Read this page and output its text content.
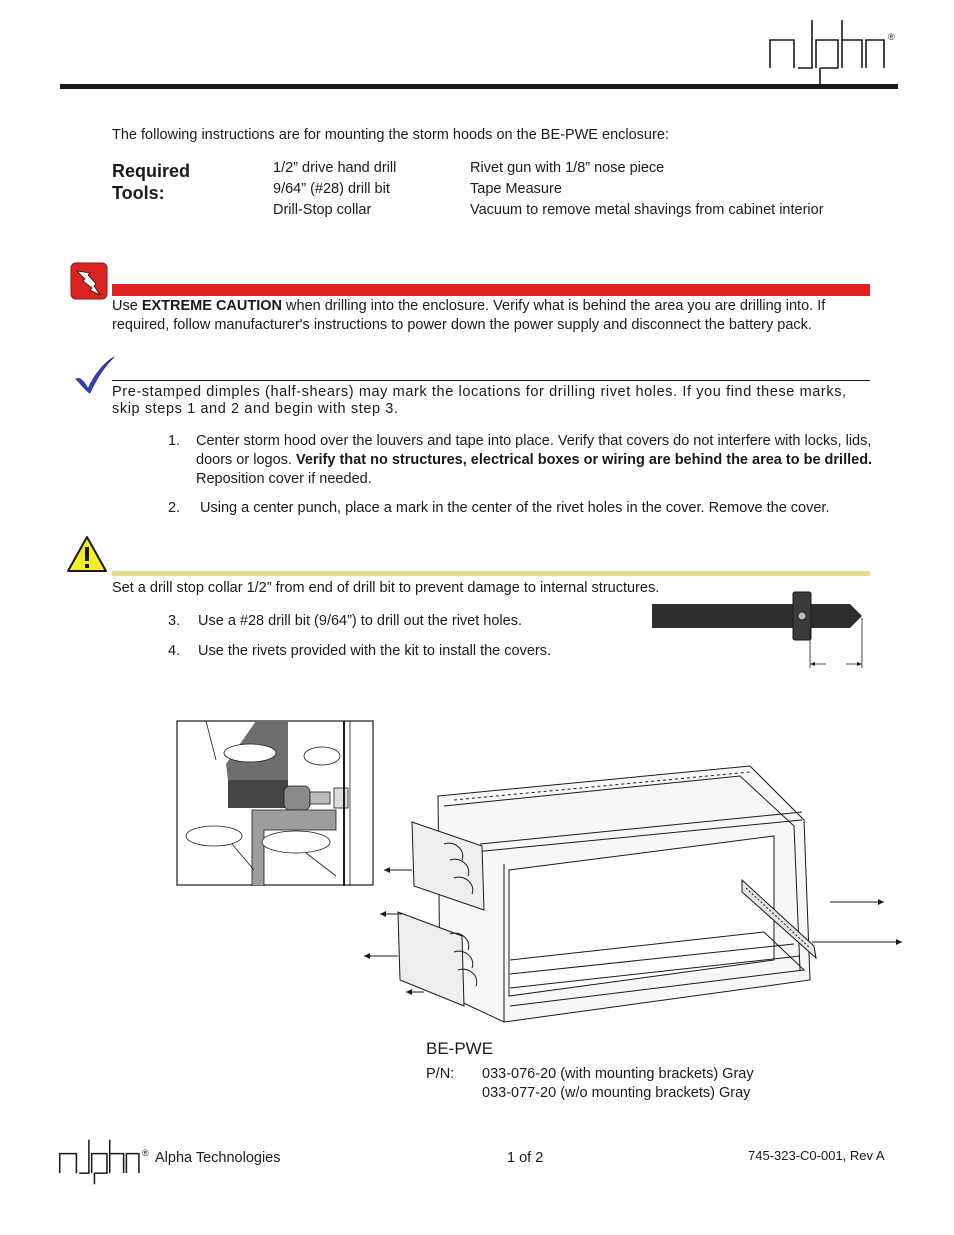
®
The following instructions are for mounting the storm hoods on the BE-PWE enclosure:
Required
Tools:
1/2” drive hand drill
9/64” (#28) drill bit
Drill-Stop collar
Rivet gun with 1/8” nose piece
Tape Measure
Vacuum to remove metal shavings from cabinet interior
Use EXTREME CAUTION when drilling into the enclosure. Verify what is behind the area you are drilling into. If required, follow manufacturer's instructions to power down the power supply and disconnect the battery pack.
Pre-stamped dimples (half-shears) may mark the locations for drilling rivet holes. If you find these marks, skip steps 1 and 2 and begin with step 3.
1. Center storm hood over the louvers and tape into place. Verify that covers do not interfere with locks, lids, doors or logos. Verify that no structures, electrical boxes or wiring are behind the area to be drilled. Reposition cover if needed.
2. Using a center punch, place a mark in the center of the rivet holes in the cover. Remove the cover.
Set a drill stop collar 1/2” from end of drill bit to prevent damage to internal structures.
3. Use a #28 drill bit (9/64”) to drill out the rivet holes.
4. Use the rivets provided with the kit to install the covers.
BE-PWE
P/N: 033-076-20 (with mounting brackets) Gray
033-077-20 (w/o mounting brackets) Gray
® Alpha Technologies	1 of 2	745-323-C0-001, Rev A
